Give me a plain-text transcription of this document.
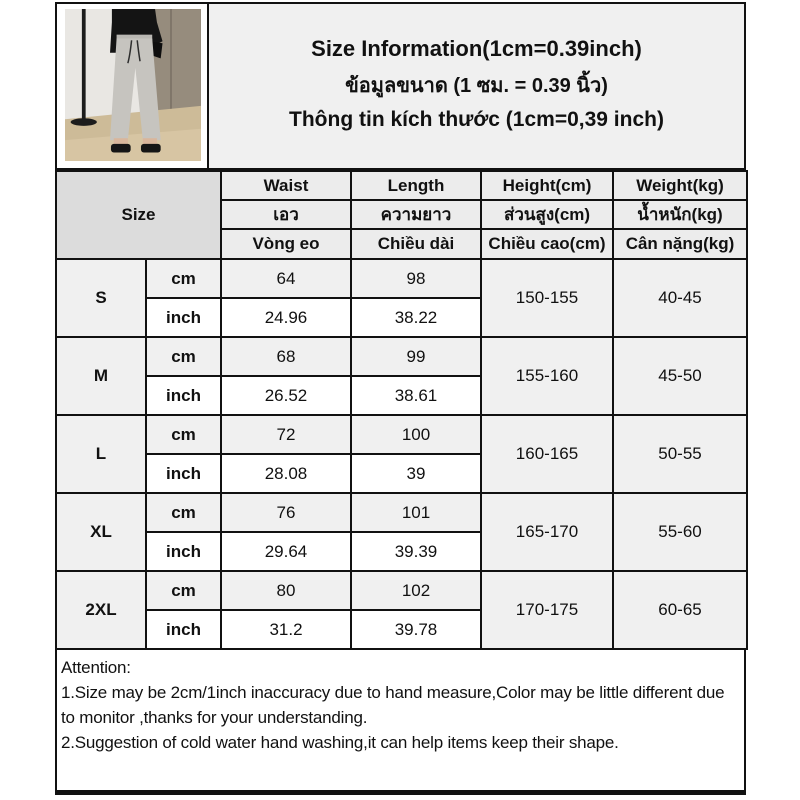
Size Information(1cm=0.39inch)
ข้อมูลขนาด (1 ซม. = 0.39 นิ้ว)
Thông tin kích thước (1cm=0,39 inch)
Size		Waist	Length	Height(cm)	Weight(kg)
		เอว	ความยาว	ส่วนสูง(cm)	น้ำหนัก(kg)
		Vòng eo	Chiều dài	Chiều cao(cm)	Cân nặng(kg)
S	cm	64	98	150-155	40-45
	inch	24.96	38.22		
M	cm	68	99	155-160	45-50
	inch	26.52	38.61		
L	cm	72	100	160-165	50-55
	inch	28.08	39		
XL	cm	76	101	165-170	55-60
	inch	29.64	39.39		
2XL	cm	80	102	170-175	60-65
	inch	31.2	39.78		

Attention:

1.Size may be 2cm/1inch inaccuracy due to hand measure,Color may be little different due to monitor ,thanks for your understanding.

2.Suggestion of cold water hand washing,it can help items keep their shape.
